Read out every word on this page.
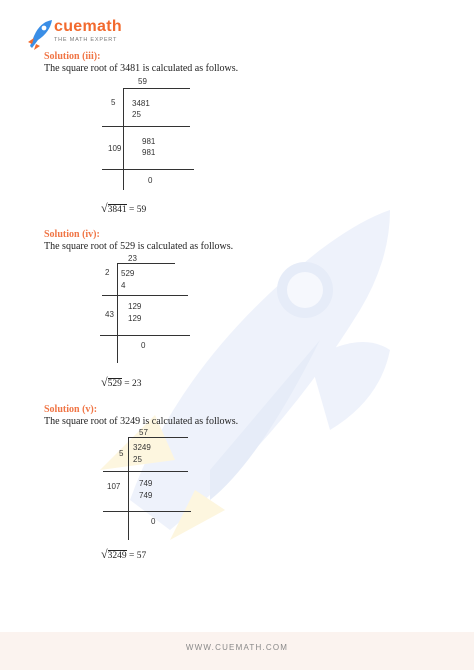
cuemath
THE MATH EXPERT
Solution (iii):
The square root of 3481 is calculated as follows.
59
5 3481
25
109
981
981
0
√3841 = 59
Solution (iv):
The square root of 529 is calculated as follows.
23
2 529
4
43
129
129
0
√529 = 23
Solution (v):
The square root of 3249 is calculated as follows.
57
5
3249
25
107 749
749
0
√3249 = 57
WWW.CUEMATH.COM
